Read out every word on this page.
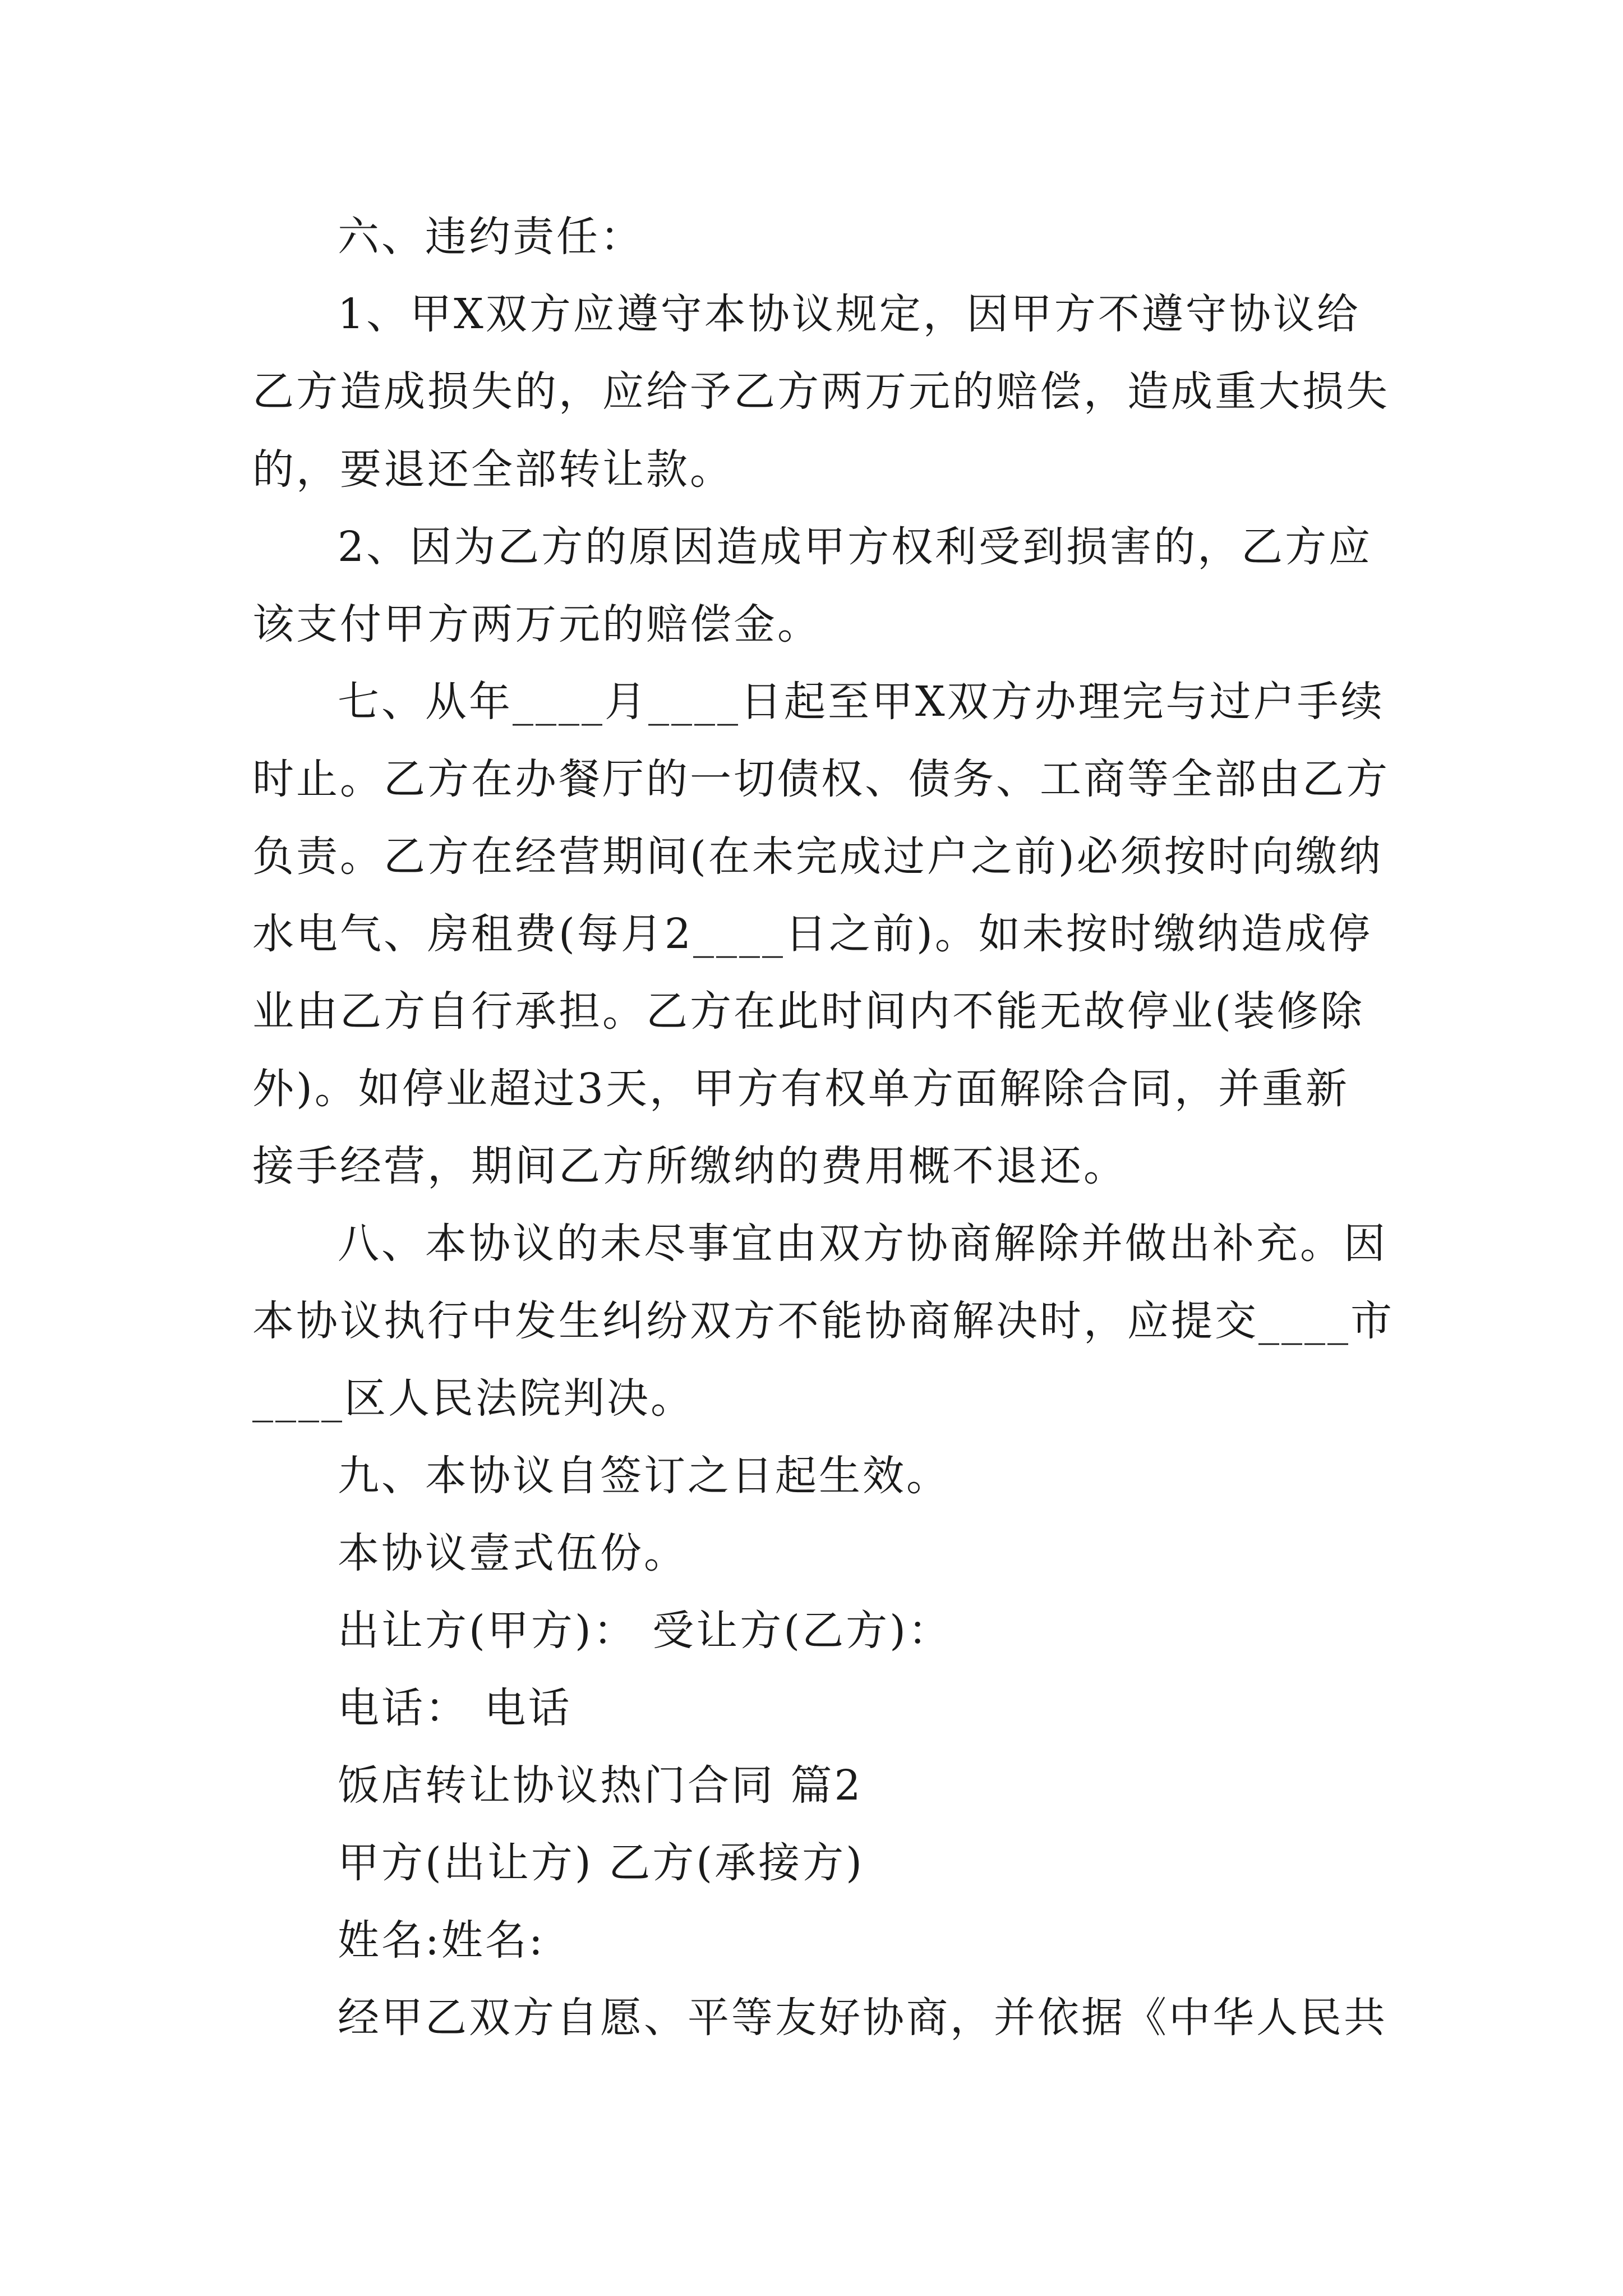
六、违约责任：
1、甲X双方应遵守本协议规定，因甲方不遵守协议给
乙方造成损失的，应给予乙方两万元的赔偿，造成重大损失
的，要退还全部转让款。
2、因为乙方的原因造成甲方权利受到损害的，乙方应
该支付甲方两万元的赔偿金。
七、从年____月____日起至甲X双方办理完与过户手续
时止。乙方在办餐厅的一切债权、债务、工商等全部由乙方
负责。乙方在经营期间(在未完成过户之前)必须按时向缴纳
水电气、房租费(每月2____日之前)。如未按时缴纳造成停
业由乙方自行承担。乙方在此时间内不能无故停业(装修除
外)。如停业超过3天，甲方有权单方面解除合同，并重新
接手经营，期间乙方所缴纳的费用概不退还。
八、本协议的未尽事宜由双方协商解除并做出补充。因
本协议执行中发生纠纷双方不能协商解决时，应提交____市
____区人民法院判决。
九、本协议自签订之日起生效。
本协议壹式伍份。
出让方(甲方)： 受让方(乙方)：
电话： 电话
饭店转让协议热门合同 篇2
甲方(出让方) 乙方(承接方)
姓名:姓名:
经甲乙双方自愿、平等友好协商，并依据《中华人民共
